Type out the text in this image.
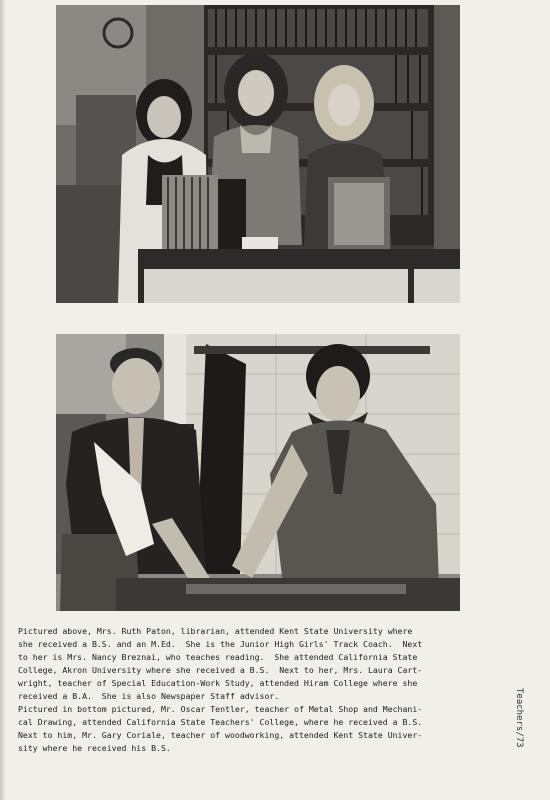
Pictured above, Mrs. Ruth Paton, librarian, attended Kent State University where
she received a B.S. and an M.Ed.  She is the Junior High Girls' Track Coach.  Next
to her is Mrs. Nancy Breznai, who teaches reading.  She attended California State
College, Akron University where she received a B.S.  Next to her, Mrs. Laura Cart-
wright, teacher of Special Education-Work Study, attended Hiram College where she
received a B.A.  She is also Newspaper Staff advisor.
Pictured in bottom pictured, Mr. Oscar Tentler, teacher of Metal Shop and Mechani-
cal Drawing, attended California State Teachers' College, where he received a B.S.
Next to him, Mr. Gary Coriale, teacher of woodworking, attended Kent State Univer-
sity where he received his B.S.
Teachers/73
